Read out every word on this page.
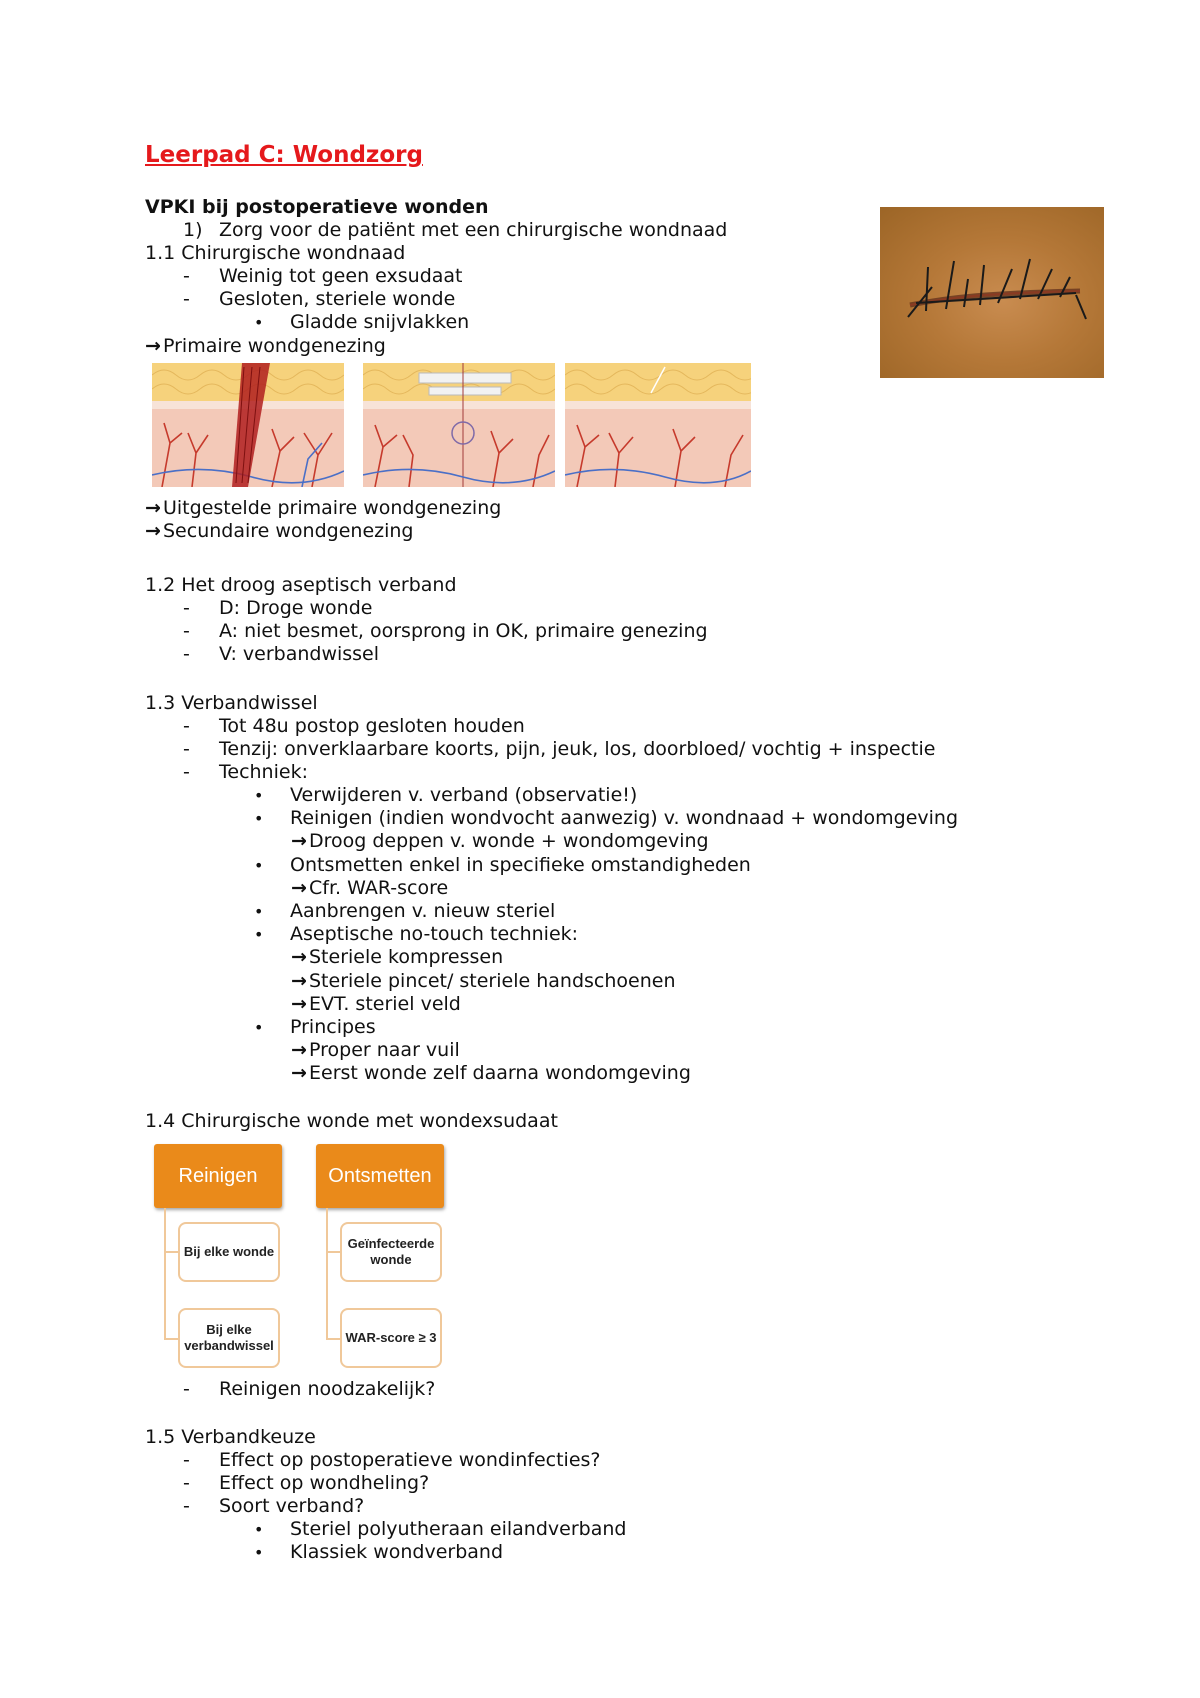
Leerpad C: Wondzorg
VPKI bij postoperatieve wonden
1) Zorg voor de patiënt met een chirurgische wondnaad
1.1 Chirurgische wondnaad
- Weinig tot geen exsudaat
- Gesloten, steriele wonde
• Gladde snijvlakken
→ Primaire wondgenezing
→ Uitgestelde primaire wondgenezing
→ Secundaire wondgenezing
1.2 Het droog aseptisch verband
- D: Droge wonde
- A: niet besmet, oorsprong in OK, primaire genezing
- V: verbandwissel
1.3 Verbandwissel
- Tot 48u postop gesloten houden
- Tenzij: onverklaarbare koorts, pijn, jeuk, los, doorbloed/ vochtig + inspectie
- Techniek:
• Verwijderen v. verband (observatie!)
• Reinigen (indien wondvocht aanwezig) v. wondnaad + wondomgeving
→ Droog deppen v. wonde + wondomgeving
• Ontsmetten enkel in specifieke omstandigheden
→ Cfr. WAR-score
• Aanbrengen v. nieuw steriel
• Aseptische no-touch techniek:
→ Steriele kompressen
→ Steriele pincet/ steriele handschoenen
→ EVT. steriel veld
• Principes
→ Proper naar vuil
→ Eerst wonde zelf daarna wondomgeving
1.4 Chirurgische wonde met wondexsudaat
Reinigen
Bij elke wonde
Bij elke verbandwissel
Ontsmetten
Geïnfecteerde wonde
WAR-score ≥ 3
- Reinigen noodzakelijk?
1.5 Verbandkeuze
- Effect op postoperatieve wondinfecties?
- Effect op wondheling?
- Soort verband?
• Steriel polyutheraan eilandverband
• Klassiek wondverband
